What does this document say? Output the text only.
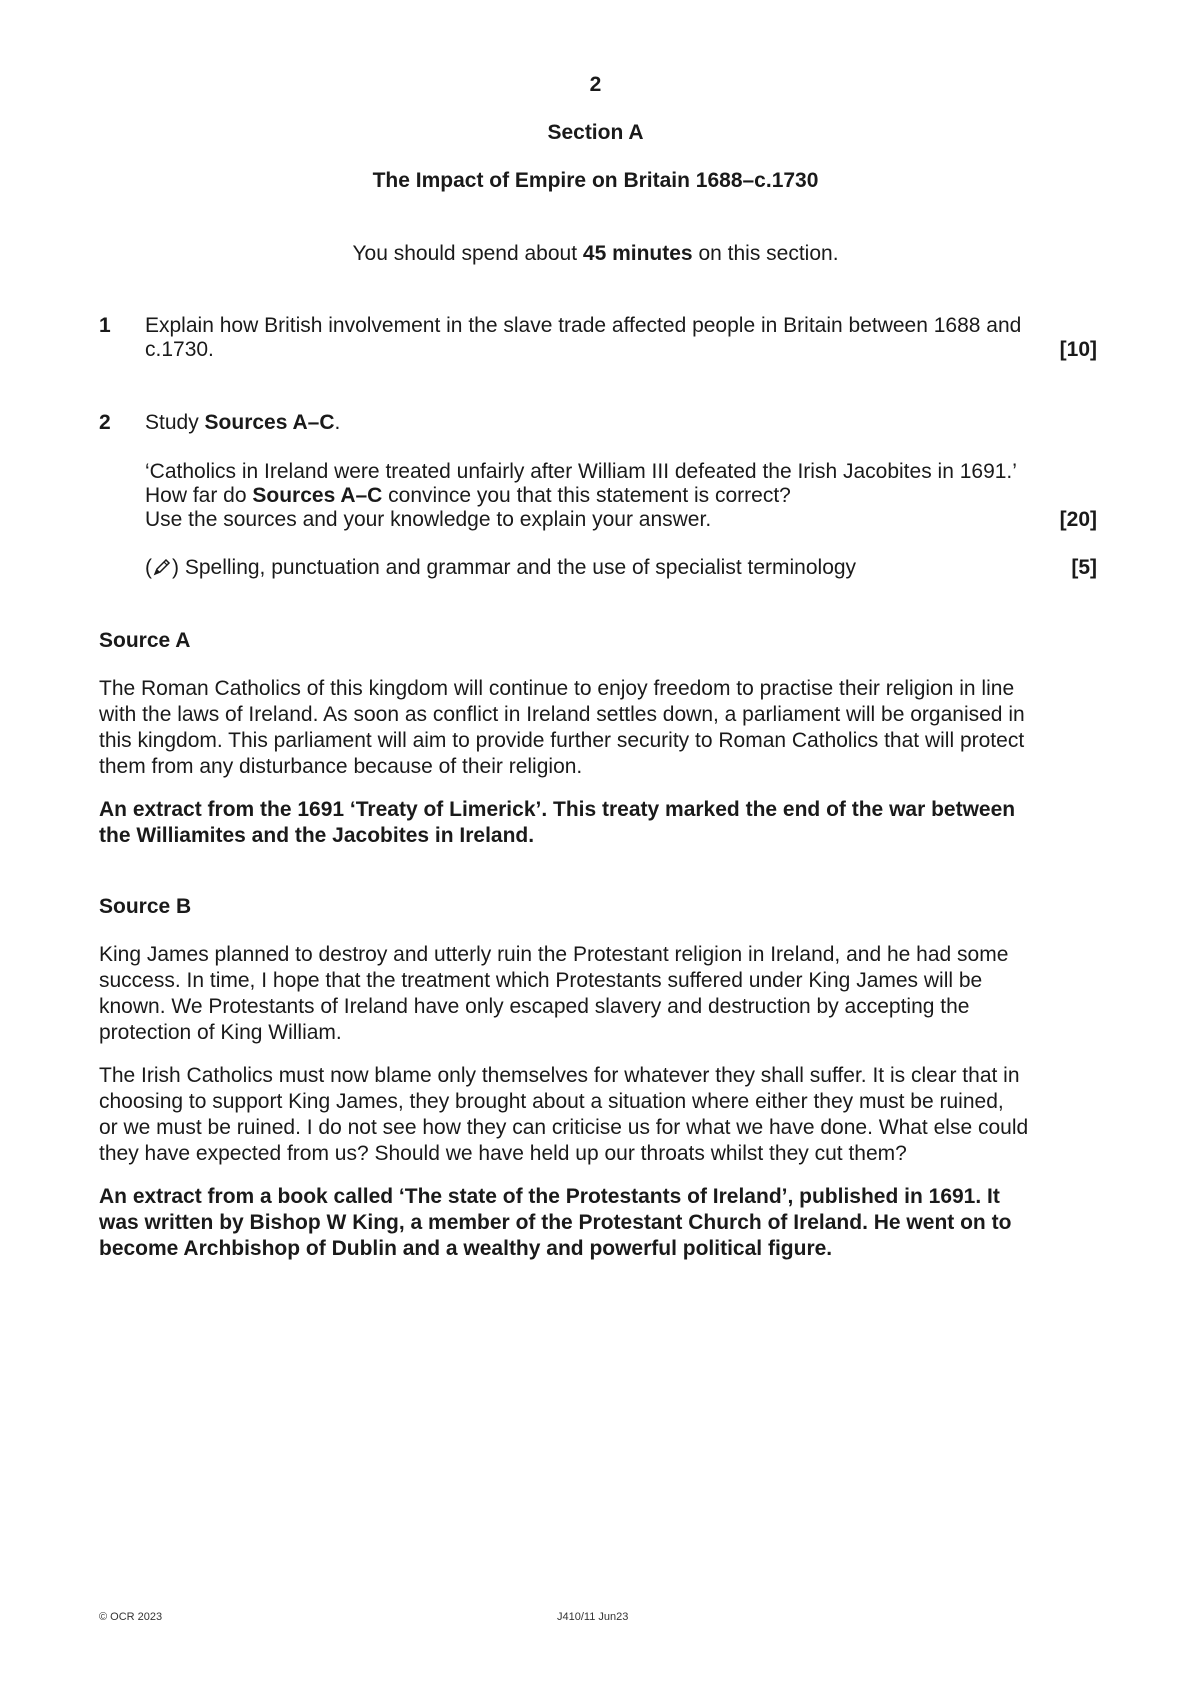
2
Section A
The Impact of Empire on Britain 1688–c.1730
You should spend about 45 minutes on this section.
1 Explain how British involvement in the slave trade affected people in Britain between 1688 and
c.1730.	[10]
2 Study Sources A–C.
‘Catholics in Ireland were treated unfairly after William III defeated the Irish Jacobites in 1691.’
How far do Sources A–C convince you that this statement is correct?
Use the sources and your knowledge to explain your answer.	[20]
( ) Spelling, punctuation and grammar and the use of specialist terminology	[5]
Source A
The Roman Catholics of this kingdom will continue to enjoy freedom to practise their religion in line
with the laws of Ireland. As soon as conflict in Ireland settles down, a parliament will be organised in
this kingdom. This parliament will aim to provide further security to Roman Catholics that will protect
them from any disturbance because of their religion.
An extract from the 1691 ‘Treaty of Limerick’. This treaty marked the end of the war between
the Williamites and the Jacobites in Ireland.
Source B
King James planned to destroy and utterly ruin the Protestant religion in Ireland, and he had some
success. In time, I hope that the treatment which Protestants suffered under King James will be
known. We Protestants of Ireland have only escaped slavery and destruction by accepting the
protection of King William.
The Irish Catholics must now blame only themselves for whatever they shall suffer. It is clear that in
choosing to support King James, they brought about a situation where either they must be ruined,
or we must be ruined. I do not see how they can criticise us for what we have done. What else could
they have expected from us? Should we have held up our throats whilst they cut them?
An extract from a book called ‘The state of the Protestants of Ireland’, published in 1691. It
was written by Bishop W King, a member of the Protestant Church of Ireland. He went on to
become Archbishop of Dublin and a wealthy and powerful political figure.
© OCR 2023	J410/11 Jun23
